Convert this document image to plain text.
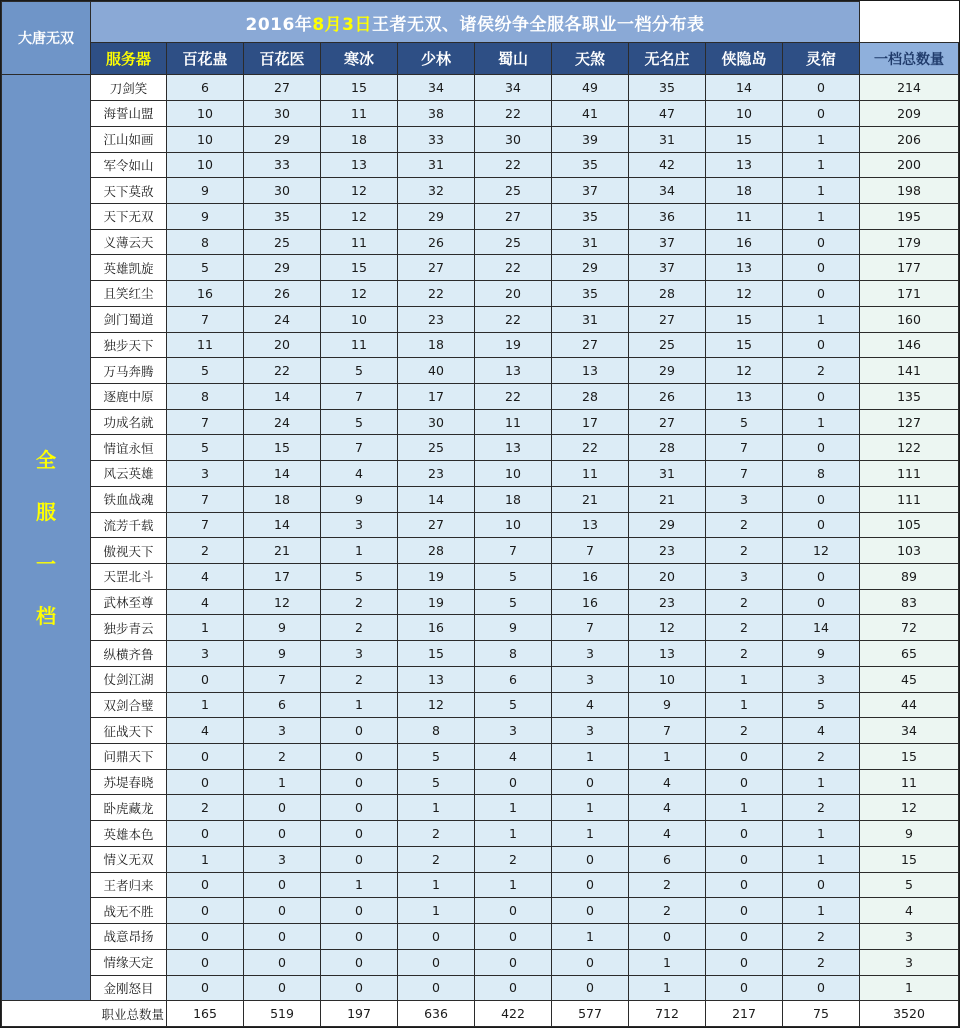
大唐无双	2016年8月3日王者无双、诸侯纷争全服各职业一档分布表										
	服务器	百花蛊	百花医	寒冰	少林	蜀山	天煞	无名庄	侠隐岛	灵宿	一档总数量

全
服
一
档	刀剑笑	6	27	15	34	34	49	35	14	0	214
	海誓山盟	10	30	11	38	22	41	47	10	0	209
	江山如画	10	29	18	33	30	39	31	15	1	206
	军令如山	10	33	13	31	22	35	42	13	1	200
	天下莫敌	9	30	12	32	25	37	34	18	1	198
	天下无双	9	35	12	29	27	35	36	11	1	195
	义薄云天	8	25	11	26	25	31	37	16	0	179
	英雄凯旋	5	29	15	27	22	29	37	13	0	177
	且笑红尘	16	26	12	22	20	35	28	12	0	171
	剑门蜀道	7	24	10	23	22	31	27	15	1	160
	独步天下	11	20	11	18	19	27	25	15	0	146
	万马奔腾	5	22	5	40	13	13	29	12	2	141
	逐鹿中原	8	14	7	17	22	28	26	13	0	135
	功成名就	7	24	5	30	11	17	27	5	1	127
	情谊永恒	5	15	7	25	13	22	28	7	0	122
	风云英雄	3	14	4	23	10	11	31	7	8	111
	铁血战魂	7	18	9	14	18	21	21	3	0	111
	流芳千载	7	14	3	27	10	13	29	2	0	105
	傲视天下	2	21	1	28	7	7	23	2	12	103
	天罡北斗	4	17	5	19	5	16	20	3	0	89
	武林至尊	4	12	2	19	5	16	23	2	0	83
	独步青云	1	9	2	16	9	7	12	2	14	72
	纵横齐鲁	3	9	3	15	8	3	13	2	9	65
	仗剑江湖	0	7	2	13	6	3	10	1	3	45
	双剑合璧	1	6	1	12	5	4	9	1	5	44
	征战天下	4	3	0	8	3	3	7	2	4	34
	问鼎天下	0	2	0	5	4	1	1	0	2	15
	苏堤春晓	0	1	0	5	0	0	4	0	1	11
	卧虎藏龙	2	0	0	1	1	1	4	1	2	12
	英雄本色	0	0	0	2	1	1	4	0	1	9
	情义无双	1	3	0	2	2	0	6	0	1	15
	王者归来	0	0	1	1	1	0	2	0	0	5
	战无不胜	0	0	0	1	0	0	2	0	1	4
	战意昂扬	0	0	0	0	0	1	0	0	2	3
	情缘天定	0	0	0	0	0	0	1	0	2	3
	金刚怒目	0	0	0	0	0	0	1	0	0	1
职业总数量		165	519	197	636	422	577	712	217	75	3520
